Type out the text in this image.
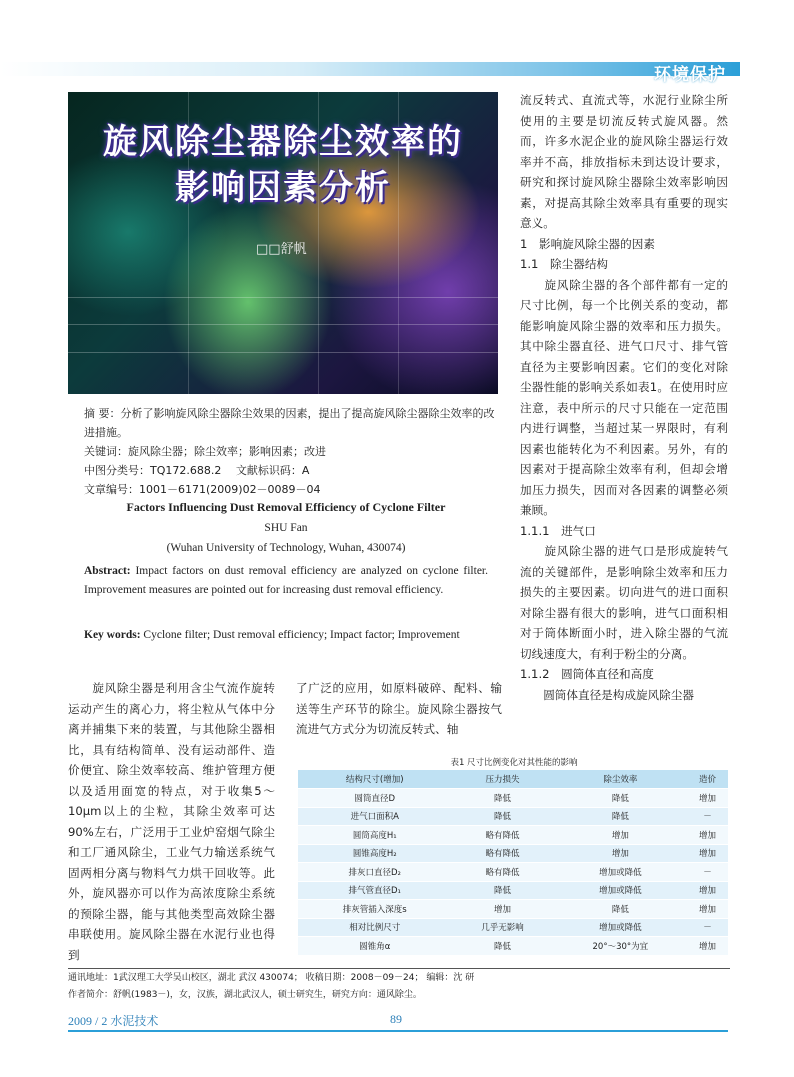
环境保护
旋风除尘器除尘效率的
影响因素分析
□□舒帆
摘 要：分析了影响旋风除尘器除尘效果的因素，提出了提高旋风除尘器除尘效率的改进措施。
关键词：旋风除尘器；除尘效率；影响因素；改进
中图分类号：TQ172.688.2　 文献标识码：A
文章编号：1001－6171(2009)02－0089－04
Factors Influencing Dust Removal Efficiency of Cyclone Filter
SHU Fan
(Wuhan University of Technology, Wuhan, 430074)
Abstract: Impact factors on dust removal efficiency are analyzed on cyclone filter. Improvement measures are pointed out for increasing dust removal efficiency.
Key words: Cyclone filter; Dust removal efficiency; Impact factor; Improvement
　　旋风除尘器是利用含尘气流作旋转运动产生的离心力，将尘粒从气体中分离并捕集下来的装置，与其他除尘器相比，具有结构简单、没有运动部件、造价便宜、除尘效率较高、维护管理方便以及适用面宽的特点，对于收集5～10μm以上的尘粒，其除尘效率可达90%左右，广泛用于工业炉窑烟气除尘和工厂通风除尘，工业气力输送系统气固两相分离与物料气力烘干回收等。此外，旋风器亦可以作为高浓度除尘系统的预除尘器，能与其他类型高效除尘器串联使用。旋风除尘器在水泥行业也得到
了广泛的应用，如原料破碎、配料、输送等生产环节的除尘。旋风除尘器按气流进气方式分为切流反转式、轴
流反转式、直流式等，水泥行业除尘所使用的主要是切流反转式旋风器。然而，许多水泥企业的旋风除尘器运行效率并不高，排放指标未到达设计要求，研究和探讨旋风除尘器除尘效率影响因素，对提高其除尘效率具有重要的现实意义。
1　影响旋风除尘器的因素
1.1　除尘器结构
　　旋风除尘器的各个部件都有一定的尺寸比例，每一个比例关系的变动，都能影响旋风除尘器的效率和压力损失。其中除尘器直径、进气口尺寸、排气管直径为主要影响因素。它们的变化对除尘器性能的影响关系如表1。在使用时应注意，表中所示的尺寸只能在一定范围内进行调整，当超过某一界限时，有利因素也能转化为不利因素。另外，有的因素对于提高除尘效率有利，但却会增加压力损失，因而对各因素的调整必须兼顾。
1.1.1　进气口
　　旋风除尘器的进气口是形成旋转气流的关键部件，是影响除尘效率和压力损失的主要因素。切向进气的进口面积对除尘器有很大的影响，进气口面积相对于筒体断面小时，进入除尘器的气流切线速度大，有利于粉尘的分离。
1.1.2　圆筒体直径和高度
　　圆筒体直径是构成旋风除尘器
表1 尺寸比例变化对其性能的影响
结构尺寸(增加)	压力损失	除尘效率	造价
圆筒直径D	降低	降低	增加
进气口面积A	降低	降低	－
圆筒高度H₁	略有降低	增加	增加
圆锥高度H₂	略有降低	增加	增加
排灰口直径D₂	略有降低	增加或降低	－
排气管直径D₁	降低	增加或降低	增加
排灰管插入深度s	增加	降低	增加
相对比例尺寸	几乎无影响	增加或降低	－
圆锥角α	降低	20°～30°为宜	增加
通讯地址：1武汉理工大学吴山校区，湖北 武汉 430074； 收稿日期：2008－09－24； 编辑：沈 研
作者简介：舒帆(1983－)，女，汉族，湖北武汉人，硕士研究生，研究方向：通风除尘。
2009 / 2 水泥技术	89
